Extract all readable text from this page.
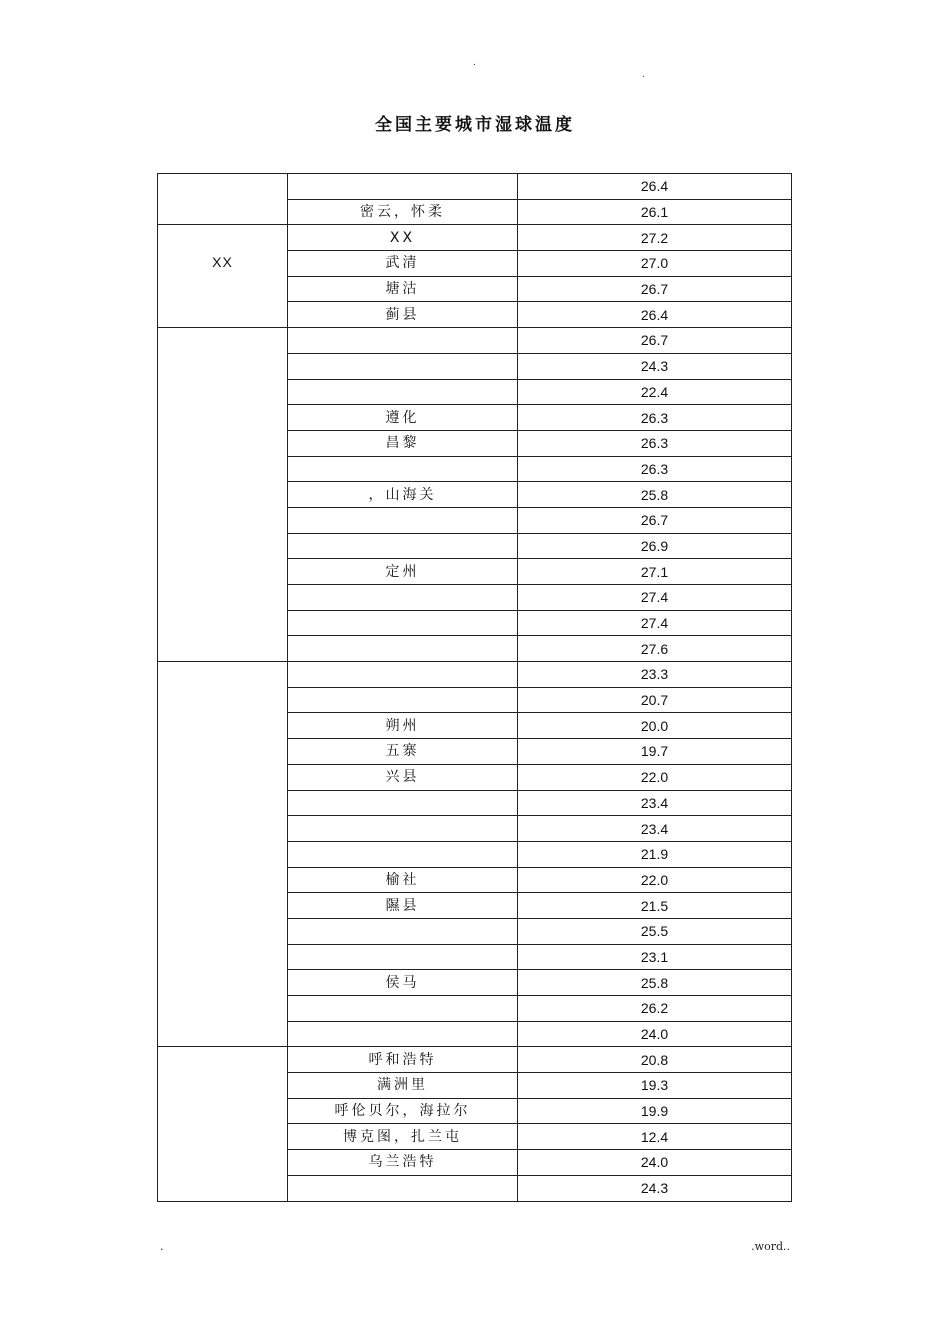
.
.
全国主要城市湿球温度
		26.4
	密云，怀柔	26.1
XX	XX	27.2
	武清	27.0
	塘沽	26.7
	蓟县	26.4
		26.7
		24.3
		22.4
	遵化	26.3
	昌黎	26.3
		26.3
	，山海关	25.8
		26.7
		26.9
	定州	27.1
		27.4
		27.4
		27.6
		23.3
		20.7
	朔州	20.0
	五寨	19.7
	兴县	22.0
		23.4
		23.4
		21.9
	榆社	22.0
	隰县	21.5
		25.5
		23.1
	侯马	25.8
		26.2
		24.0
	呼和浩特	20.8
	满洲里	19.3
	呼伦贝尔，海拉尔	19.9
	博克图，扎兰屯	12.4
	乌兰浩特	24.0
		24.3
.	.word..
